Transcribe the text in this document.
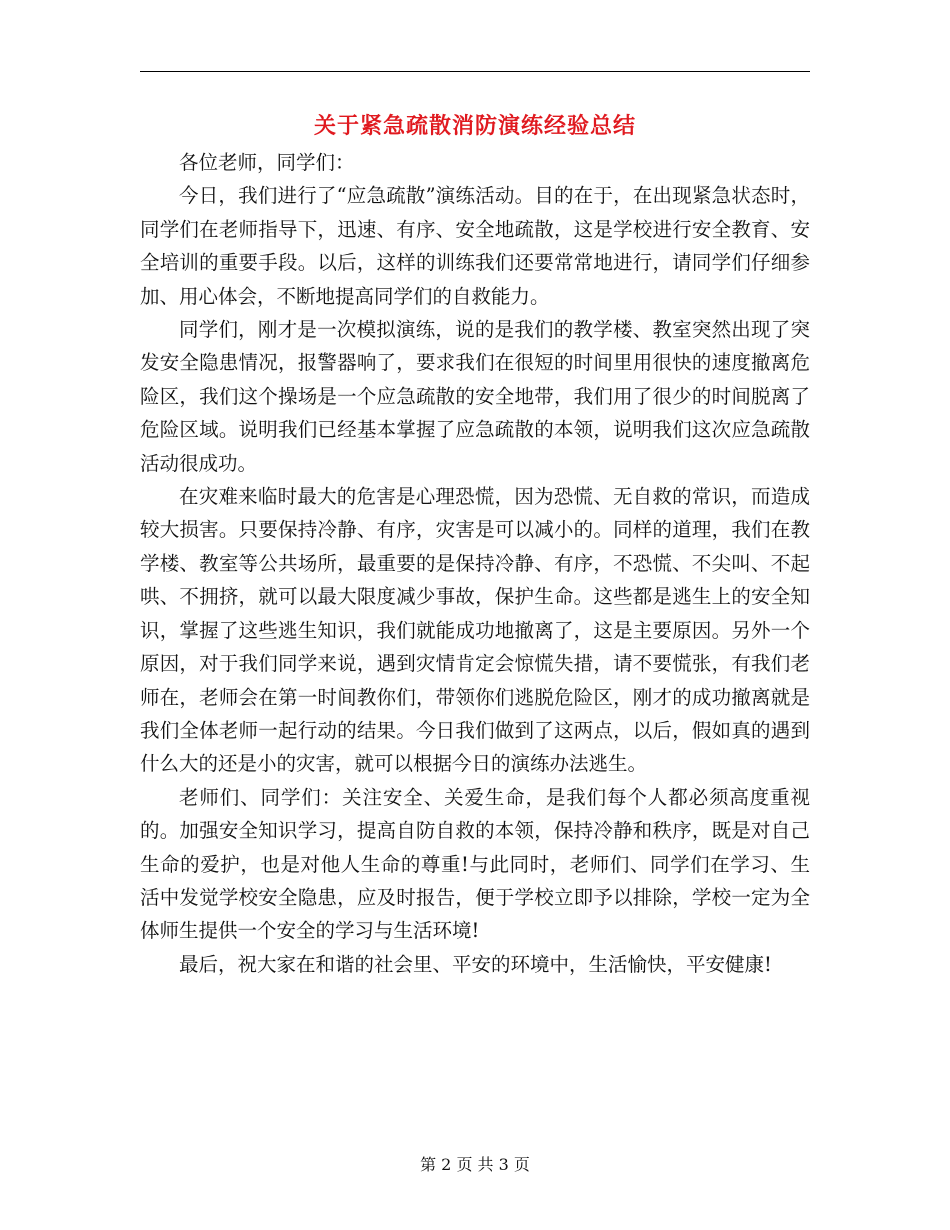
关于紧急疏散消防演练经验总结

各位老师，同学们：

今日，我们进行了“应急疏散”演练活动。目的在于，在出现紧急状态时，同学们在老师指导下，迅速、有序、安全地疏散，这是学校进行安全教育、安全培训的重要手段。以后，这样的训练我们还要常常地进行，请同学们仔细参加、用心体会，不断地提高同学们的自救能力。

同学们，刚才是一次模拟演练，说的是我们的教学楼、教室突然出现了突发安全隐患情况，报警器响了，要求我们在很短的时间里用很快的速度撤离危险区，我们这个操场是一个应急疏散的安全地带，我们用了很少的时间脱离了危险区域。说明我们已经基本掌握了应急疏散的本领，说明我们这次应急疏散活动很成功。

在灾难来临时最大的危害是心理恐慌，因为恐慌、无自救的常识，而造成较大损害。只要保持冷静、有序，灾害是可以减小的。同样的道理，我们在教学楼、教室等公共场所，最重要的是保持冷静、有序，不恐慌、不尖叫、不起哄、不拥挤，就可以最大限度减少事故，保护生命。这些都是逃生上的安全知识，掌握了这些逃生知识，我们就能成功地撤离了，这是主要原因。另外一个原因，对于我们同学来说，遇到灾情肯定会惊慌失措，请不要慌张，有我们老师在，老师会在第一时间教你们，带领你们逃脱危险区，刚才的成功撤离就是我们全体老师一起行动的结果。今日我们做到了这两点，以后，假如真的遇到什么大的还是小的灾害，就可以根据今日的演练办法逃生。

老师们、同学们：关注安全、关爱生命，是我们每个人都必须高度重视的。加强安全知识学习，提高自防自救的本领，保持冷静和秩序，既是对自己生命的爱护，也是对他人生命的尊重!与此同时，老师们、同学们在学习、生活中发觉学校安全隐患，应及时报告，便于学校立即予以排除，学校一定为全体师生提供一个安全的学习与生活环境!

最后，祝大家在和谐的社会里、平安的环境中，生活愉快，平安健康!

第 2 页 共 3 页
